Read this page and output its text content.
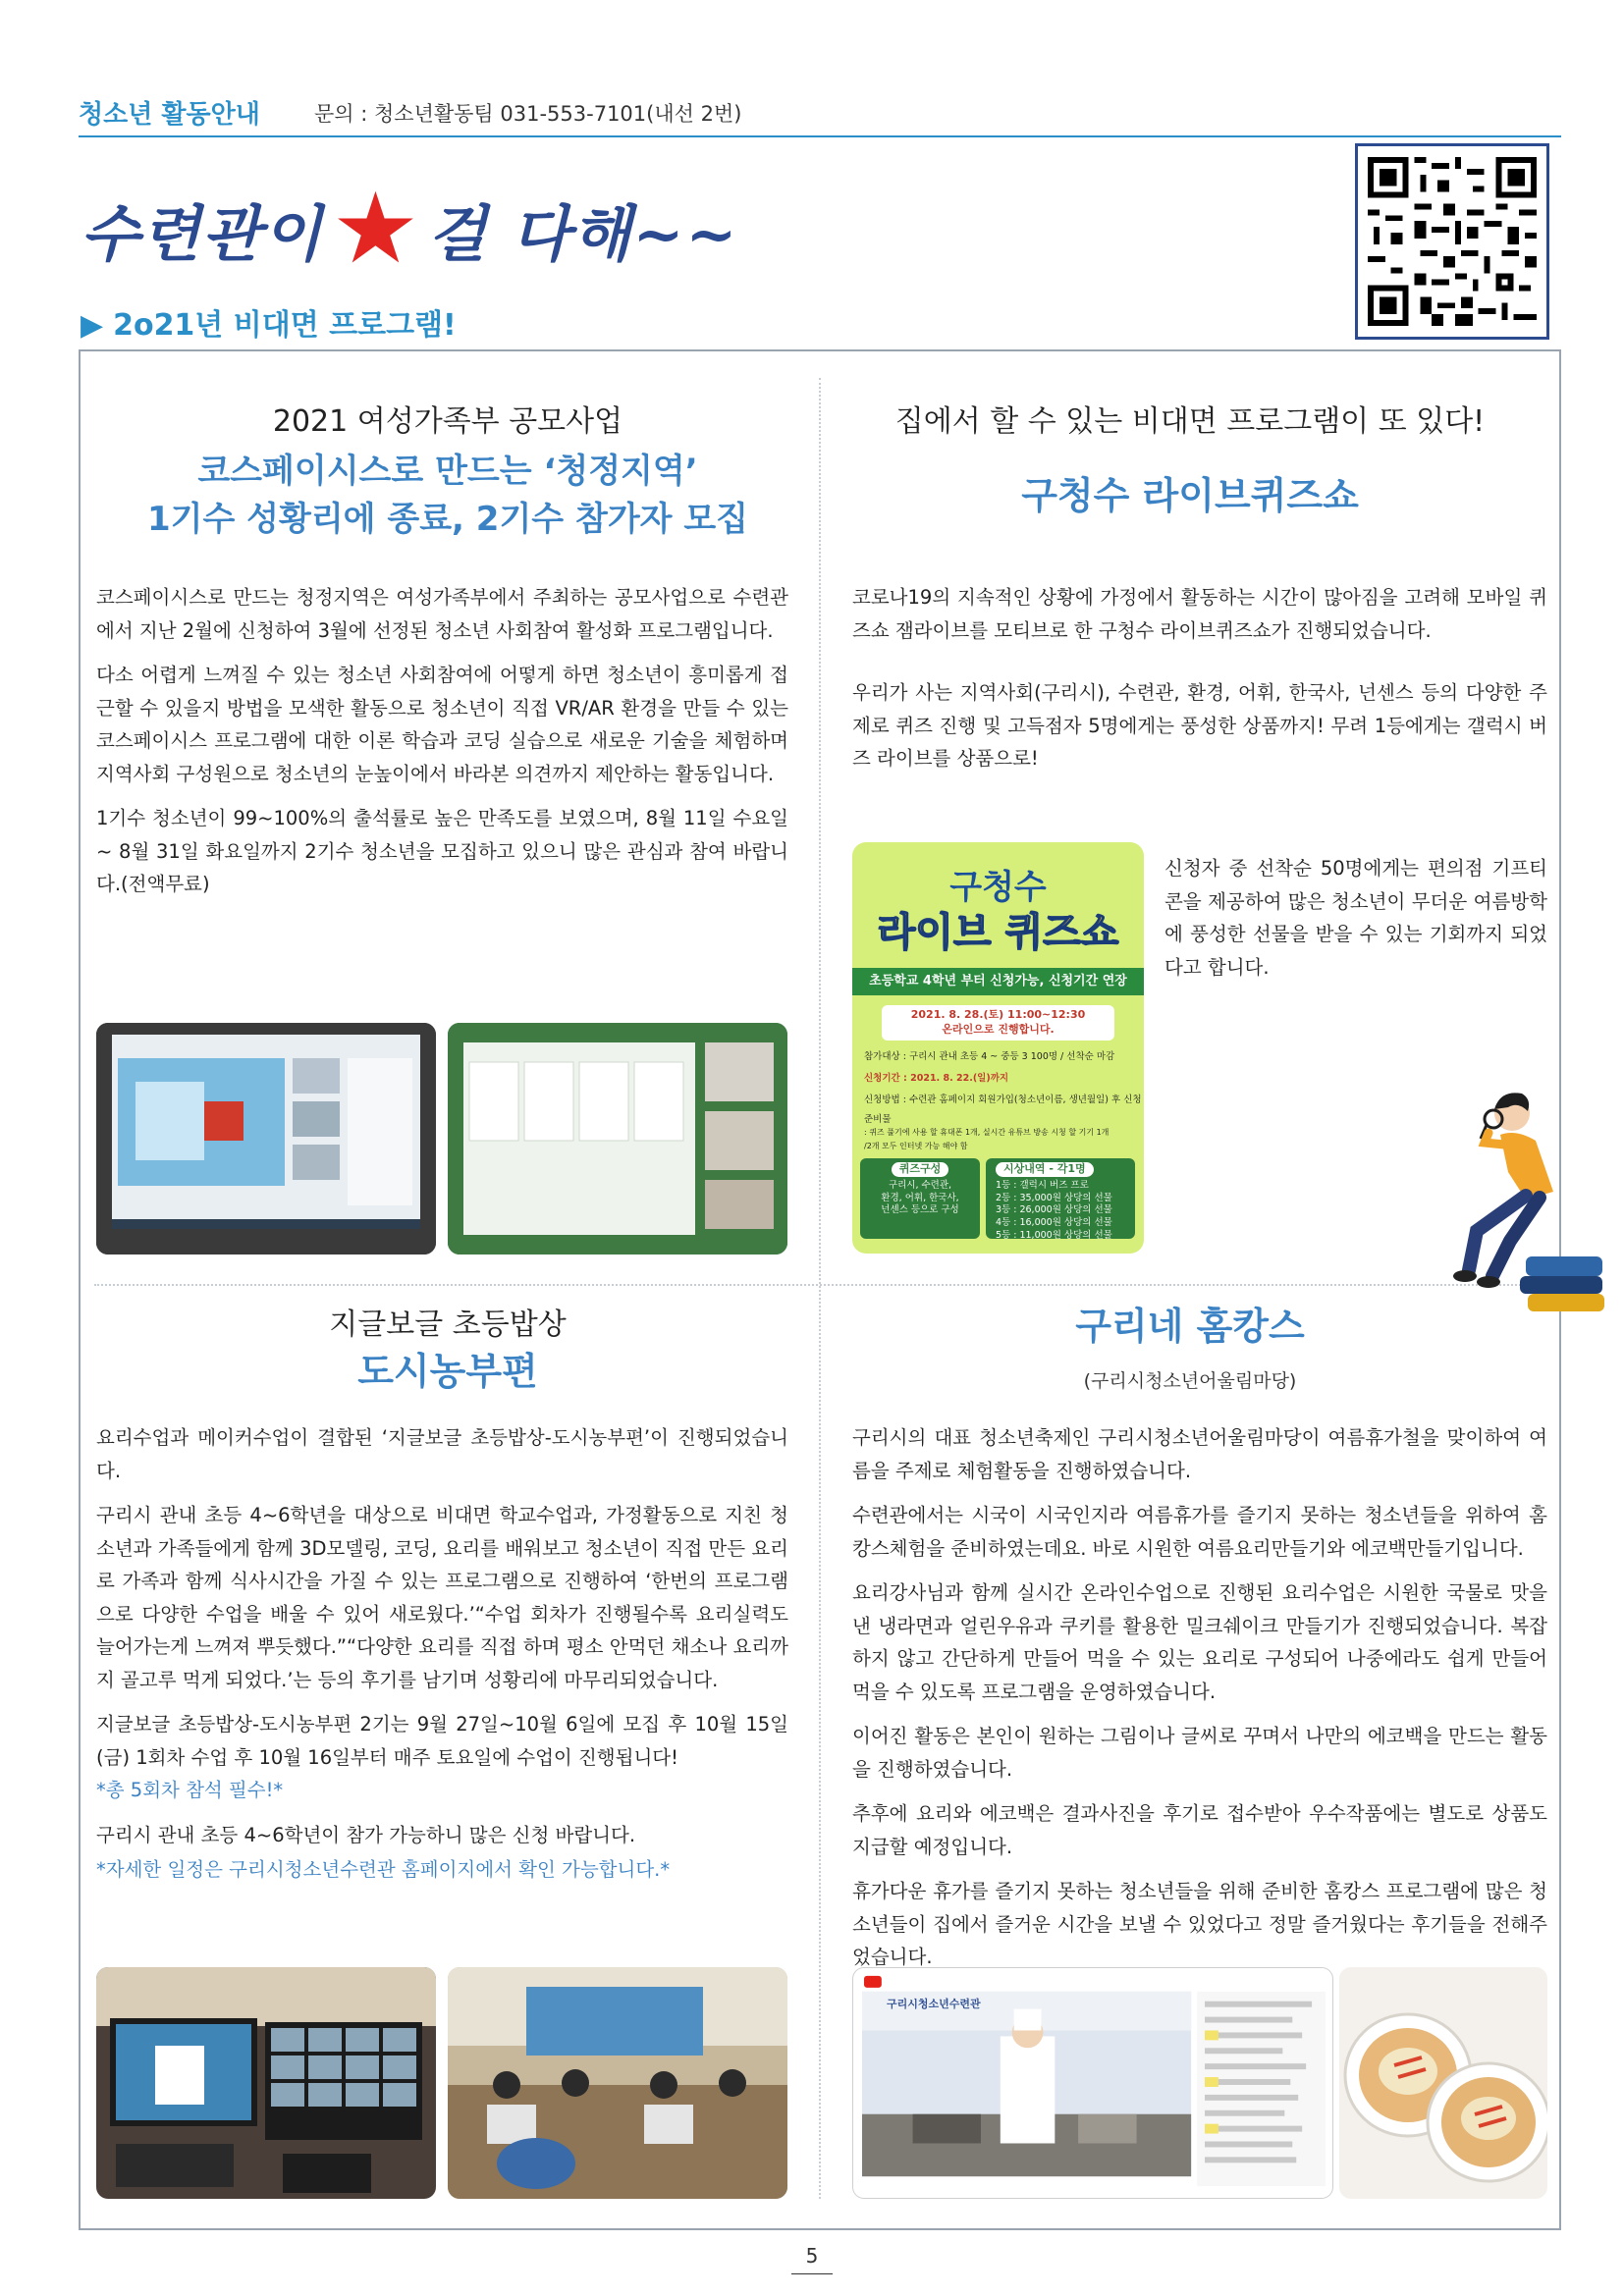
청소년 활동안내	문의 : 청소년활동팀 031-553-7101(내선 2번)
수련관이 ★ 걸 다해~~
▶ 2o21년 비대면 프로그램!
2021 여성가족부 공모사업
코스페이시스로 만드는 ‘청정지역’
1기수 성황리에 종료, 2기수 참가자 모집

코스페이시스로 만드는 청정지역은 여성가족부에서 주최하는 공모사업으로 수련관에서 지난 2월에 신청하여 3월에 선정된 청소년 사회참여 활성화 프로그램입니다.

다소 어렵게 느껴질 수 있는 청소년 사회참여에 어떻게 하면 청소년이 흥미롭게 접근할 수 있을지 방법을 모색한 활동으로 청소년이 직접 VR/AR 환경을 만들 수 있는 코스페이시스 프로그램에 대한 이론 학습과 코딩 실습으로 새로운 기술을 체험하며 지역사회 구성원으로 청소년의 눈높이에서 바라본 의견까지 제안하는 활동입니다.

1기수 청소년이 99~100%의 출석률로 높은 만족도를 보였으며, 8월 11일 수요일 ~ 8월 31일 화요일까지 2기수 청소년을 모집하고 있으니 많은 관심과 참여 바랍니다.(전액무료)

집에서 할 수 있는 비대면 프로그램이 또 있다!
구청수 라이브퀴즈쇼

코로나19의 지속적인 상황에 가정에서 활동하는 시간이 많아짐을 고려해 모바일 퀴즈쇼 잼라이브를 모티브로 한 구청수 라이브퀴즈쇼가 진행되었습니다.

우리가 사는 지역사회(구리시), 수련관, 환경, 어휘, 한국사, 넌센스 등의 다양한 주제로 퀴즈 진행 및 고득점자 5명에게는 풍성한 상품까지! 무려 1등에게는 갤럭시 버즈 라이브를 상품으로!

신청자 중 선착순 50명에게는 편의점 기프티콘을 제공하여 많은 청소년이 무더운 여름방학에 풍성한 선물을 받을 수 있는 기회까지 되었다고 합니다.

구청수
라이브 퀴즈쇼
초등학교 4학년 부터 신청가능, 신청기간 연장
2021. 8. 28.(토) 11:00~12:30
온라인으로 진행합니다.
참가대상 : 구리시 관내 초등 4 ~ 중등 3 100명 / 선착순 마감
신청기간 : 2021. 8. 22.(일)까지
신청방법 : 수련관 홈페이지 회원가입(청소년이름, 생년월일) 후 신청
준비물
: 퀴즈 풀기에 사용 할 휴대폰 1개, 실시간 유튜브 방송 시청 할 기기 1개
/2개 모두 인터넷 가능 해야 함
퀴즈구성
구리시, 수련관,
환경, 어휘, 한국사,
넌센스 등으로 구성
시상내역 - 각1명
1등 : 갤럭시 버즈 프로
2등 : 35,000원 상당의 선물
3등 : 26,000원 상당의 선물
4등 : 16,000원 상당의 선물
5등 : 11,000원 상당의 선물
지글보글 초등밥상
도시농부편

요리수업과 메이커수업이 결합된 ‘지글보글 초등밥상-도시농부편’이 진행되었습니다.

구리시 관내 초등 4~6학년을 대상으로 비대면 학교수업과, 가정활동으로 지친 청소년과 가족들에게 함께 3D모델링, 코딩, 요리를 배워보고 청소년이 직접 만든 요리로 가족과 함께 식사시간을 가질 수 있는 프로그램으로 진행하여 ‘한번의 프로그램으로 다양한 수업을 배울 수 있어 새로웠다.’“수업 회차가 진행될수록 요리실력도 늘어가는게 느껴져 뿌듯했다.”“다양한 요리를 직접 하며 평소 안먹던 채소나 요리까지 골고루 먹게 되었다.’는 등의 후기를 남기며 성황리에 마무리되었습니다.

지글보글 초등밥상-도시농부편 2기는 9월 27일~10월 6일에 모집 후 10월 15일(금) 1회차 수업 후 10월 16일부터 매주 토요일에 수업이 진행됩니다!
*총 5회차 참석 필수!*

구리시 관내 초등 4~6학년이 참가 가능하니 많은 신청 바랍니다.

*자세한 일정은 구리시청소년수련관 홈페이지에서 확인 가능합니다.*

구리네 홈캉스
(구리시청소년어울림마당)

구리시의 대표 청소년축제인 구리시청소년어울림마당이 여름휴가철을 맞이하여 여름을 주제로 체험활동을 진행하였습니다.

수련관에서는 시국이 시국인지라 여름휴가를 즐기지 못하는 청소년들을 위하여 홈캉스체험을 준비하였는데요. 바로 시원한 여름요리만들기와 에코백만들기입니다.

요리강사님과 함께 실시간 온라인수업으로 진행된 요리수업은 시원한 국물로 맛을 낸 냉라면과 얼린우유과 쿠키를 활용한 밀크쉐이크 만들기가 진행되었습니다. 복잡하지 않고 간단하게 만들어 먹을 수 있는 요리로 구성되어 나중에라도 쉽게 만들어 먹을 수 있도록 프로그램을 운영하였습니다.

이어진 활동은 본인이 원하는 그림이나 글씨로 꾸며서 나만의 에코백을 만드는 활동을 진행하였습니다.

추후에 요리와 에코백은 결과사진을 후기로 접수받아 우수작품에는 별도로 상품도 지급할 예정입니다.

휴가다운 휴가를 즐기지 못하는 청소년들을 위해 준비한 홈캉스 프로그램에 많은 청소년들이 집에서 즐거운 시간을 보낼 수 있었다고 정말 즐거웠다는 후기들을 전해주었습니다.

구리시청소년수련관
5
